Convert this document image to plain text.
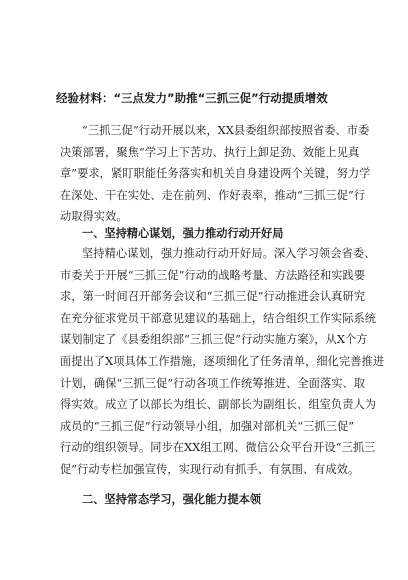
经验材料：“三点发力”助推“三抓三促”行动提质增效
“三抓三促”行动开展以来，XX县委组织部按照省委、市委
决策部署，聚焦“学习上下苦功、执行上卸足劲、效能上见真
章”要求，紧盯职能任务落实和机关自身建设两个关键，努力学
在深处、干在实处、走在前列、作好表率，推动“三抓三促”行
动取得实效。
一、坚持精心谋划，强力推动行动开好局
坚持精心谋划，强力推动行动开好局。深入学习领会省委、
市委关于开展“三抓三促”行动的战略考量、方法路径和实践要
求，第一时间召开部务会议和“三抓三促”行动推进会认真研究
在充分征求党员干部意见建议的基础上，结合组织工作实际系统
谋划制定了《县委组织部“三抓三促”行动实施方案》，从X个方
面提出了X项具体工作措施，逐项细化了任务清单，细化完善推进
计划，确保“三抓三促”行动各项工作统筹推进、全面落实、取
得实效。成立了以部长为组长、副部长为副组长、组室负责人为
成员的“三抓三促”行动领导小组，加强对部机关“三抓三促”
行动的组织领导。同步在XX组工网、微信公众平台开设“三抓三
促”行动专栏加强宣传，实现行动有抓手、有氛围、有成效。
二、坚持常态学习，强化能力提本领
